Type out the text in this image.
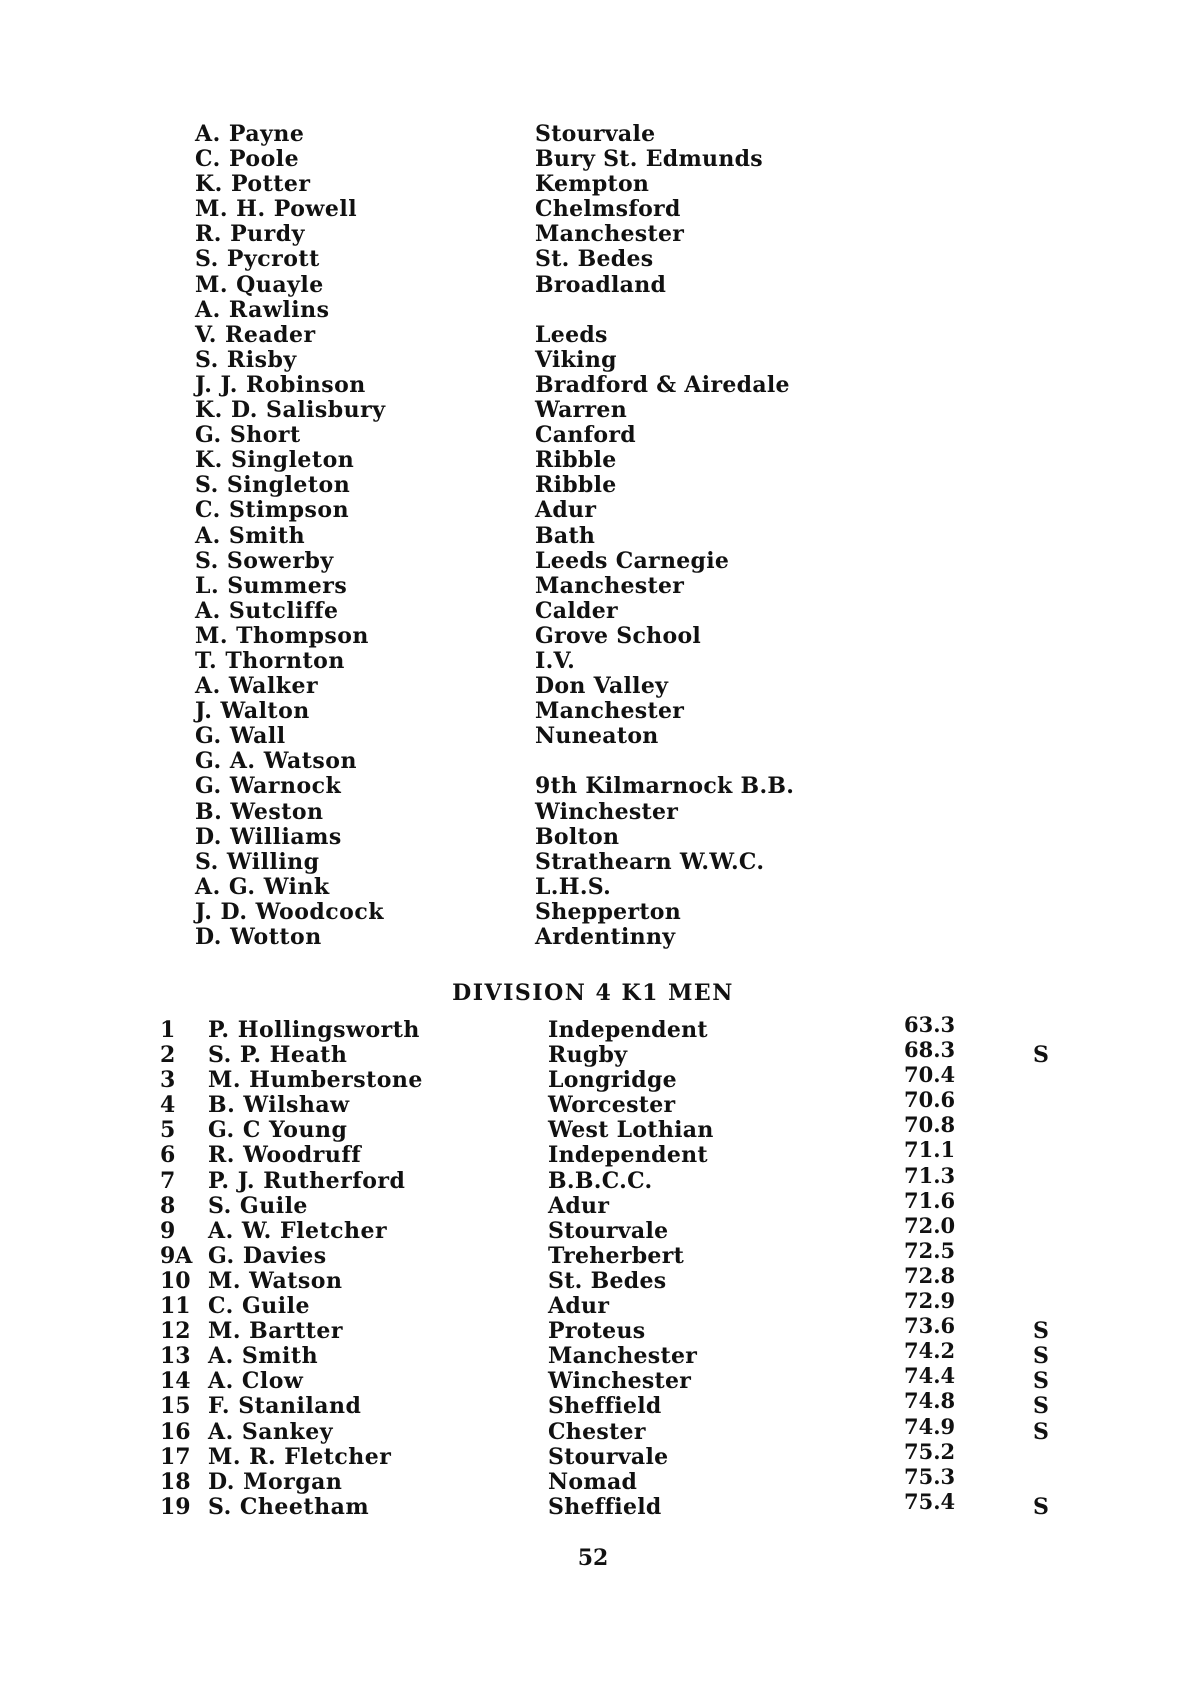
A. Payne	Stourvale
C. Poole	Bury St. Edmunds
K. Potter	Kempton
M. H. Powell	Chelmsford
R. Purdy	Manchester
S. Pycrott	St. Bedes
M. Quayle	Broadland
A. Rawlins
V. Reader	Leeds
S. Risby	Viking
J. J. Robinson	Bradford & Airedale
K. D. Salisbury	Warren
G. Short	Canford
K. Singleton	Ribble
S. Singleton	Ribble
C. Stimpson	Adur
A. Smith	Bath
S. Sowerby	Leeds Carnegie
L. Summers	Manchester
A. Sutcliffe	Calder
M. Thompson	Grove School
T. Thornton	I.V.
A. Walker	Don Valley
J. Walton	Manchester
G. Wall	Nuneaton
G. A. Watson
G. Warnock	9th Kilmarnock B.B.
B. Weston	Winchester
D. Williams	Bolton
S. Willing	Strathearn W.W.C.
A. G. Wink	L.H.S.
J. D. Woodcock	Shepperton
D. Wotton	Ardentinny
DIVISION 4 K1 MEN
1	P. Hollingsworth	Independent	63.3
2	S. P. Heath	Rugby	68.3	S
3	M. Humberstone	Longridge	70.4
4	B. Wilshaw	Worcester	70.6
5	G. C Young	West Lothian	70.8
6	R. Woodruff	Independent	71.1
7	P. J. Rutherford	B.B.C.C.	71.3
8	S. Guile	Adur	71.6
9	A. W. Fletcher	Stourvale	72.0
9A G. Davies	Treherbert	72.5
10 M. Watson	St. Bedes	72.8
11 C. Guile	Adur	72.9
12 M. Bartter	Proteus	73.6	S
13 A. Smith	Manchester	74.2	S
14 A. Clow	Winchester	74.4	S
15 F. Staniland	Sheffield	74.8	S
16 A. Sankey	Chester	74.9	S
17 M. R. Fletcher	Stourvale	75.2
18 D. Morgan	Nomad	75.3
19 S. Cheetham	Sheffield	75.4	S
52
